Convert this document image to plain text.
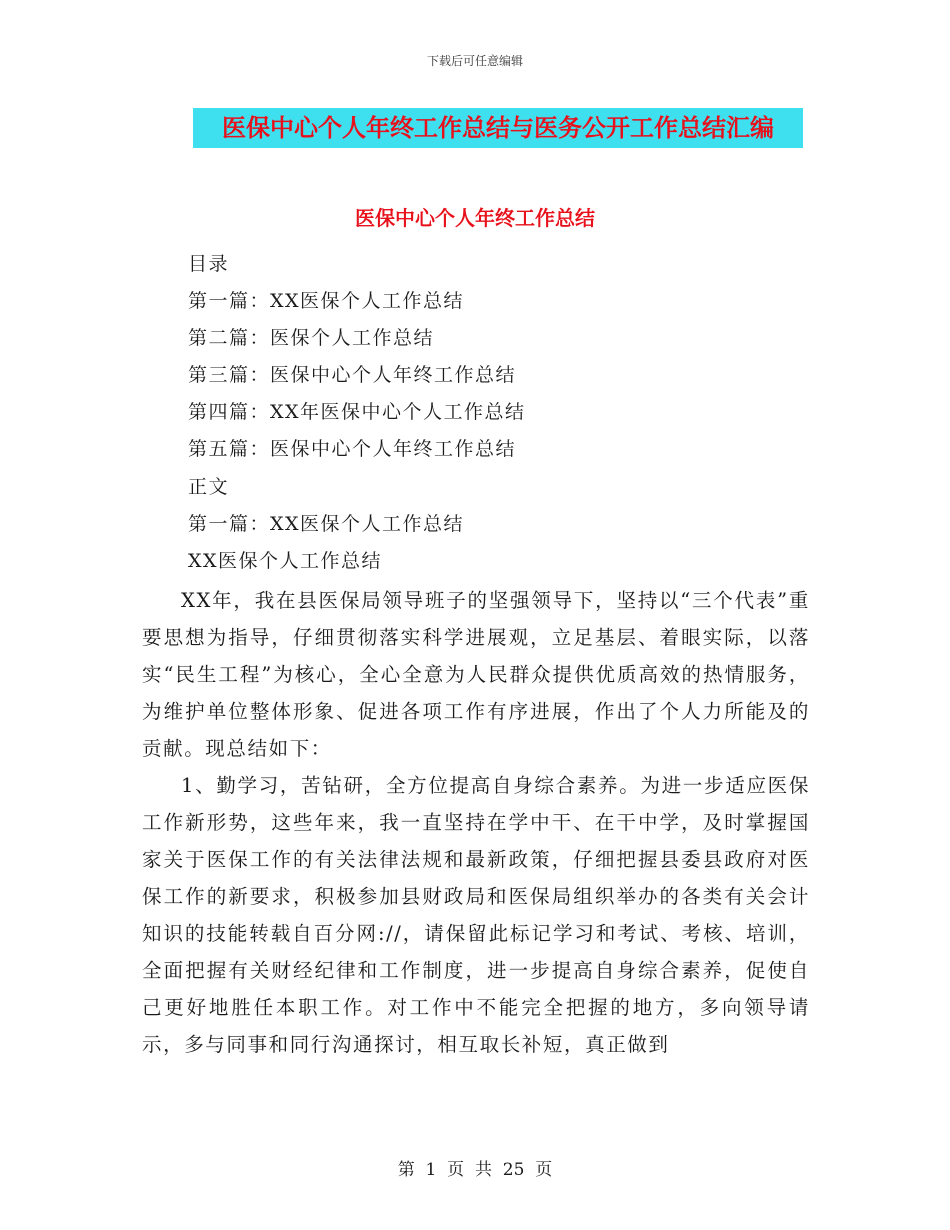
下载后可任意编辑
医保中心个人年终工作总结与医务公开工作总结汇编
医保中心个人年终工作总结
目录
第一篇：XX医保个人工作总结
第二篇：医保个人工作总结
第三篇：医保中心个人年终工作总结
第四篇：XX年医保中心个人工作总结
第五篇：医保中心个人年终工作总结
正文
第一篇：XX医保个人工作总结
XX医保个人工作总结

XX年，我在县医保局领导班子的坚强领导下，坚持以“三个代表”重要思想为指导，仔细贯彻落实科学进展观，立足基层、着眼实际，以落实“民生工程”为核心，全心全意为人民群众提供优质高效的热情服务，为维护单位整体形象、促进各项工作有序进展，作出了个人力所能及的贡献。现总结如下：

1、勤学习，苦钻研，全方位提高自身综合素养。为进一步适应医保工作新形势，这些年来，我一直坚持在学中干、在干中学，及时掌握国家关于医保工作的有关法律法规和最新政策，仔细把握县委县政府对医保工作的新要求，积极参加县财政局和医保局组织举办的各类有关会计知识的技能转载自百分网://，请保留此标记学习和考试、考核、培训，全面把握有关财经纪律和工作制度，进一步提高自身综合素养，促使自己更好地胜任本职工作。对工作中不能完全把握的地方，多向领导请示，多与同事和同行沟通探讨，相互取长补短，真正做到

第  1  页  共  25  页
